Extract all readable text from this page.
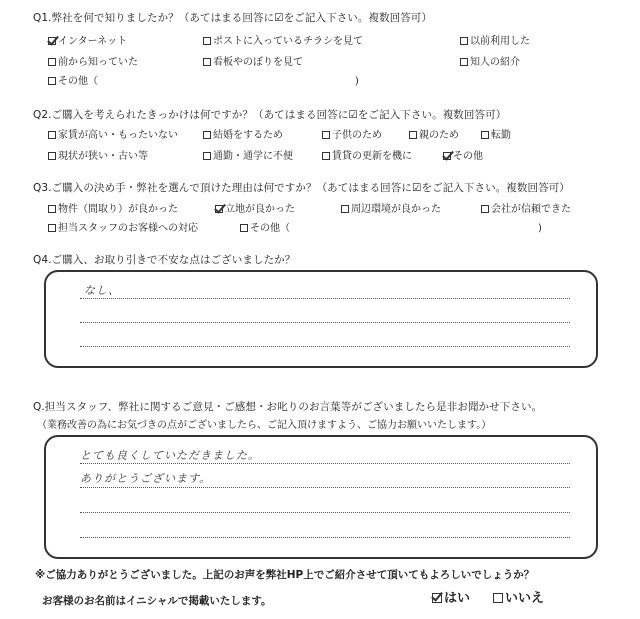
Q1.弊社を何で知りましたか？（あてはまる回答に☑をご記入下さい。複数回答可）
インターネット	ポストに入っているチラシを見て	以前利用した
前から知っていた	看板やのぼりを見て	知人の紹介
その他（	)
Q2.ご購入を考えられたきっかけは何ですか？（あてはまる回答に☑をご記入下さい。複数回答可）
家賃が高い・もったいない	結婚をするため	子供のため	親のため	転勤
現状が狭い・古い等	通勤・通学に不便	賃貸の更新を機に	その他
Q3.ご購入の決め手・弊社を選んで頂けた理由は何ですか？（あてはまる回答に☑をご記入下さい。複数回答可）
物件（間取り）が良かった	立地が良かった	周辺環境が良かった	会社が信頼できた
担当スタッフのお客様への対応	その他（	)
Q4.ご購入、お取り引きで不安な点はございましたか？
なし、
Q.担当スタッフ、弊社に関するご意見・ご感想・お叱りのお言葉等がございましたら是非お聞かせ下さい。
（業務改善の為にお気づきの点がございましたら、ご記入頂けますよう、ご協力お願いいたします。）
とても良くしていただきました。
ありがとうございます。
※ご協力ありがとうございました。上記のお声を弊社HP上でご紹介させて頂いてもよろしいでしょうか？
お客様のお名前はイニシャルで掲載いたします。	はい	いいえ
